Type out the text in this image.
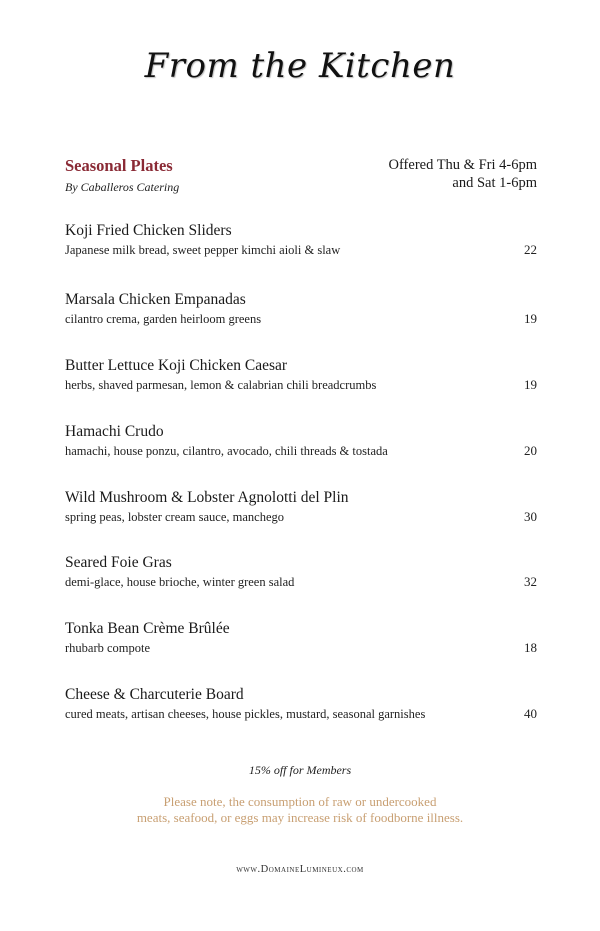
From the Kitchen
Seasonal Plates
By Caballeros Catering
Offered Thu & Fri 4-6pm
and Sat 1-6pm
Koji Fried Chicken Sliders
Japanese milk bread, sweet pepper kimchi aioli & slaw	22
Marsala Chicken Empanadas
cilantro crema, garden heirloom greens	19
Butter Lettuce Koji Chicken Caesar
herbs, shaved parmesan, lemon & calabrian chili breadcrumbs	19
Hamachi Crudo
hamachi, house ponzu, cilantro, avocado, chili threads & tostada	20
Wild Mushroom & Lobster Agnolotti del Plin
spring peas, lobster cream sauce, manchego	30
Seared Foie Gras
demi-glace, house brioche, winter green salad	32
Tonka Bean Crème Brûlée
rhubarb compote	18
Cheese & Charcuterie Board
cured meats, artisan cheeses, house pickles, mustard, seasonal garnishes	40
15% off for Members
Please note, the consumption of raw or undercooked
meats, seafood, or eggs may increase risk of foodborne illness.
www.DomaineLumineux.com
